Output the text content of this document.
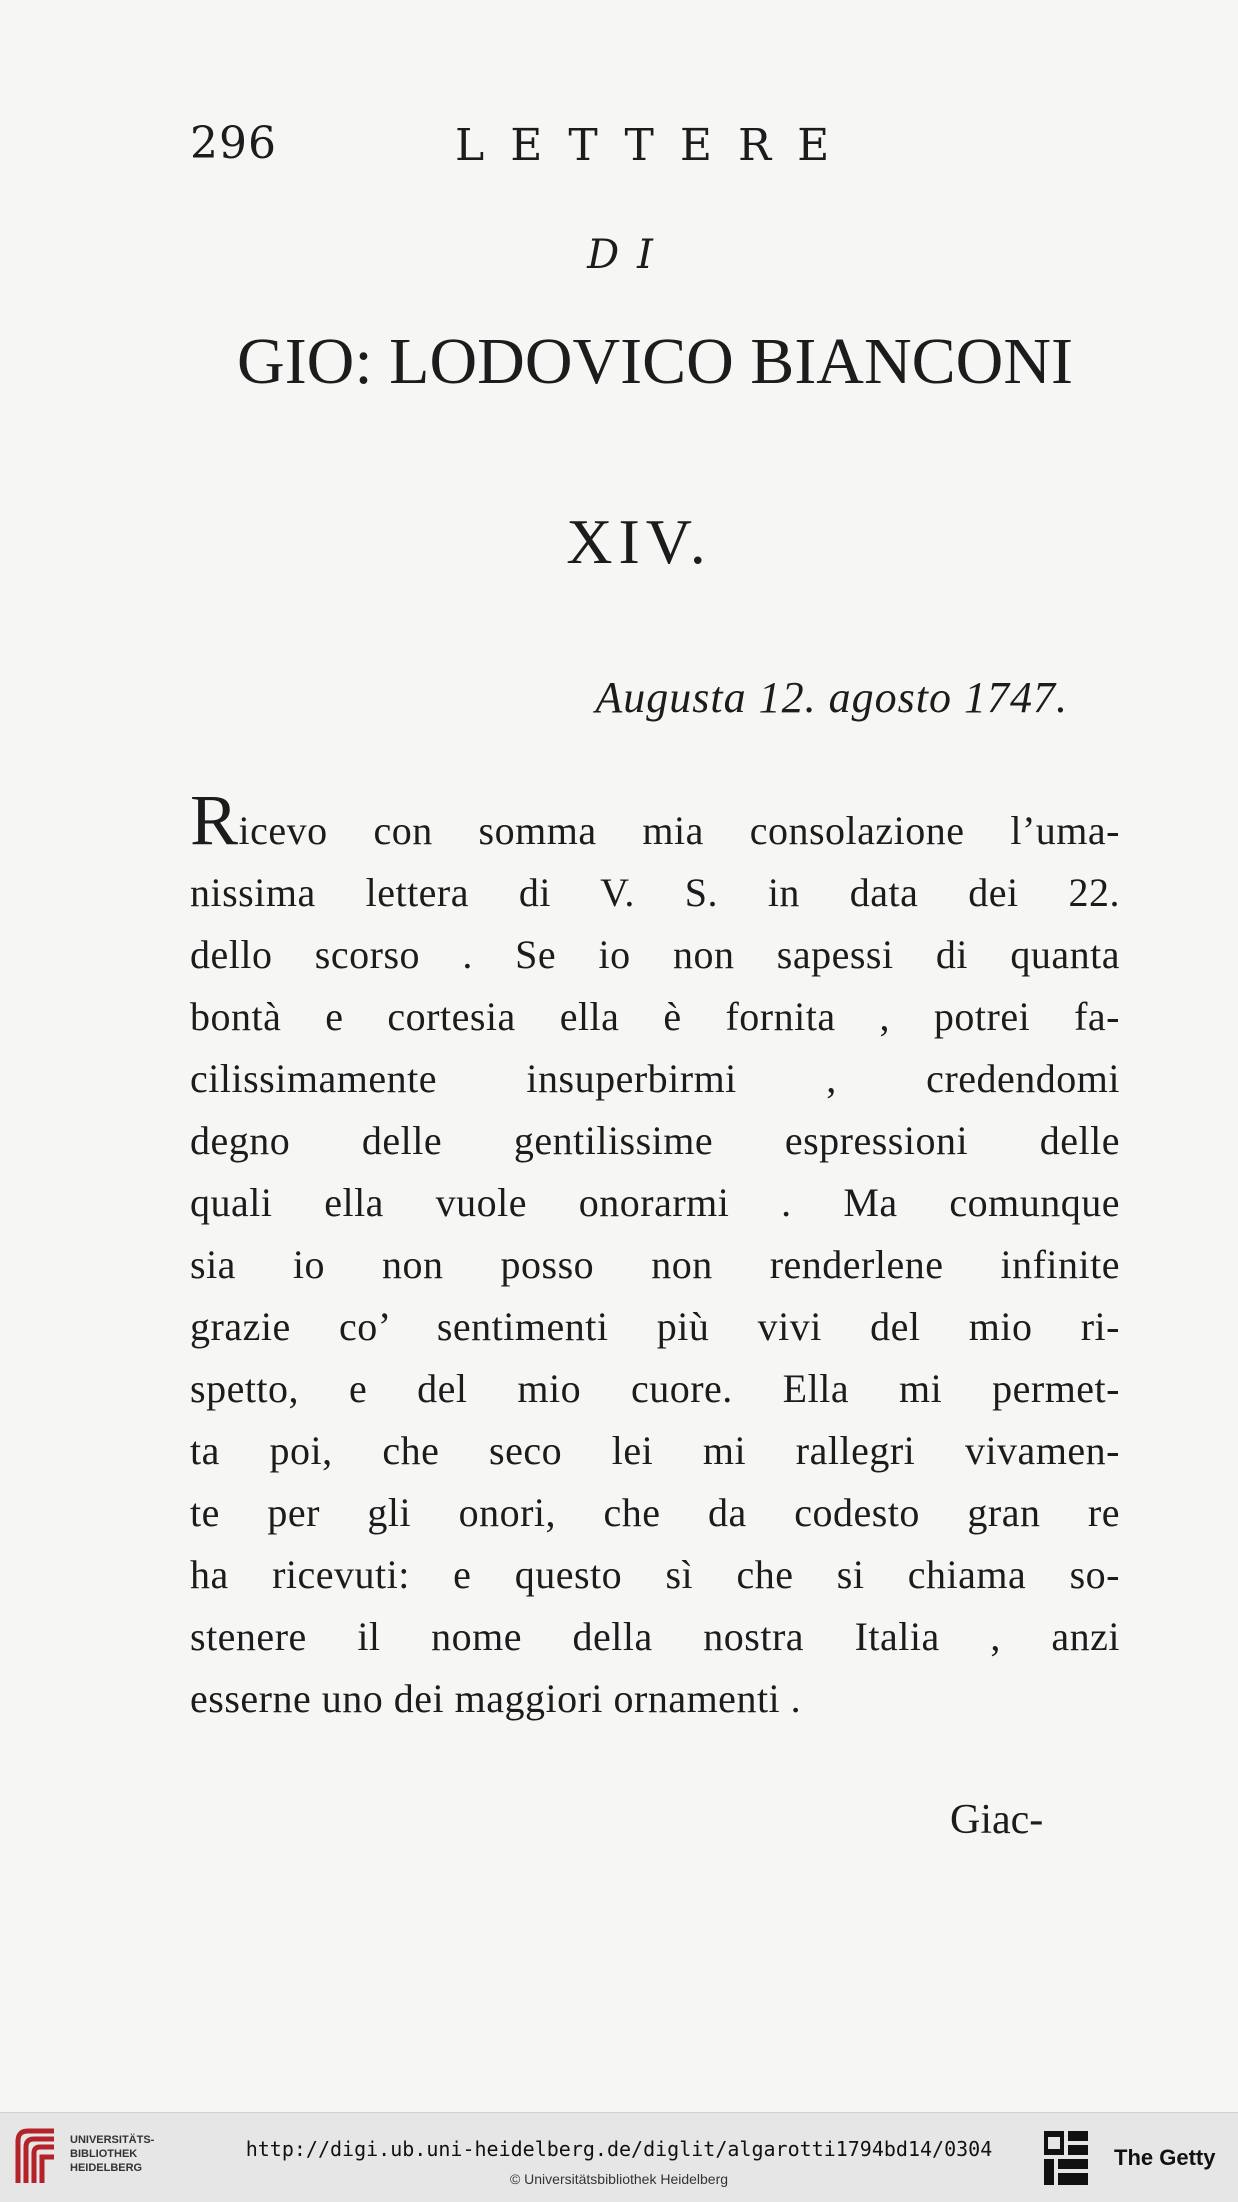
296	LETTERE
DI
GIO: LODOVICO BIANCONI
XIV.
Augusta 12. agosto 1747.
Ricevo con somma mia consolazione l’uma-
nissima lettera di V. S. in data dei 22.
dello scorso . Se io non sapessi di quanta
bontà e cortesia ella è fornita , potrei fa-
cilissimamente insuperbirmi , credendomi
degno delle gentilissime espressioni delle
quali ella vuole onorarmi . Ma comunque
sia io non posso non renderlene infinite
grazie co’ sentimenti più vivi del mio ri-
spetto, e del mio cuore. Ella mi permet-
ta poi, che seco lei mi rallegri vivamen-
te per gli onori, che da codesto gran re
ha ricevuti: e questo sì che si chiama so-
stenere il nome della nostra Italia , anzi
esserne uno dei maggiori ornamenti .
Giac-
UNIVERSITÄTS-
BIBLIOTHEK
HEIDELBERG
http://digi.ub.uni-heidelberg.de/diglit/algarotti1794bd14/0304
© Universitätsbibliothek Heidelberg
The Getty
